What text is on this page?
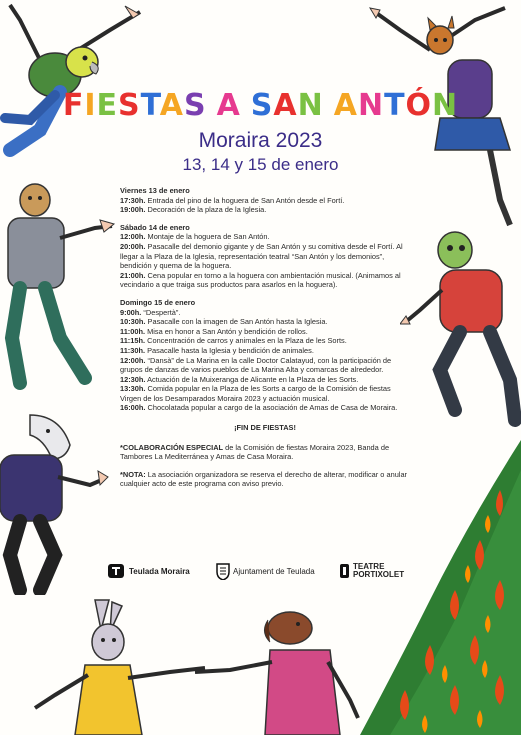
FIESTAS A SAN ANTÓN
Moraira 2023
13, 14 y 15 de enero
Viernes 13 de enero
17:30h. Entrada del pino de la hoguera de San Antón desde el Fortí.
19:00h. Decoración de la plaza de la Iglesia.
Sábado 14 de enero
12:00h. Montaje de la hoguera de San Antón.
20:00h. Pasacalle del demonio gigante y de San Antón y su comitiva desde el Fortí. Al llegar a la Plaza de la Iglesia, representación teatral “San Antón y los demonios”, bendición y quema de la hoguera.
21:00h. Cena popular en torno a la hoguera con ambientación musical. (Animamos al vecindario a que traiga sus productos para asarlos en la hoguera).
Domingo 15 de enero
9:00h. “Despertà”.
10:30h. Pasacalle con la imagen de San Antón hasta la Iglesia.
11:00h. Misa en honor a San Antón y bendición de rollos.
11:15h. Concentración de carros y animales en la Plaza de les Sorts.
11:30h. Pasacalle hasta la Iglesia y bendición de animales.
12:00h. “Dansà” de La Marina en la calle Doctor Calatayud, con la participación de grupos de danzas de varios pueblos de La Marina Alta y comarcas de alrededor.
12:30h. Actuación de la Muixeranga de Alicante en la Plaza de les Sorts.
13:30h. Comida popular en la Plaza de les Sorts a cargo de la Comisión de fiestas Virgen de los Desamparados Moraira 2023 y actuación musical.
16:00h. Chocolatada popular a cargo de la asociación de Amas de Casa de Moraira.
¡FIN DE FIESTAS!
*COLABORACIÓN ESPECIAL de la Comisión de fiestas Moraira 2023, Banda de Tambores La Mediterránea y Amas de Casa Moraira.
*NOTA: La asociación organizadora se reserva el derecho de alterar, modificar o anular cualquier acto de este programa con aviso previo.
Teulada Moraira	Ajuntament de Teulada	TEATRE
PORTIXOLET
